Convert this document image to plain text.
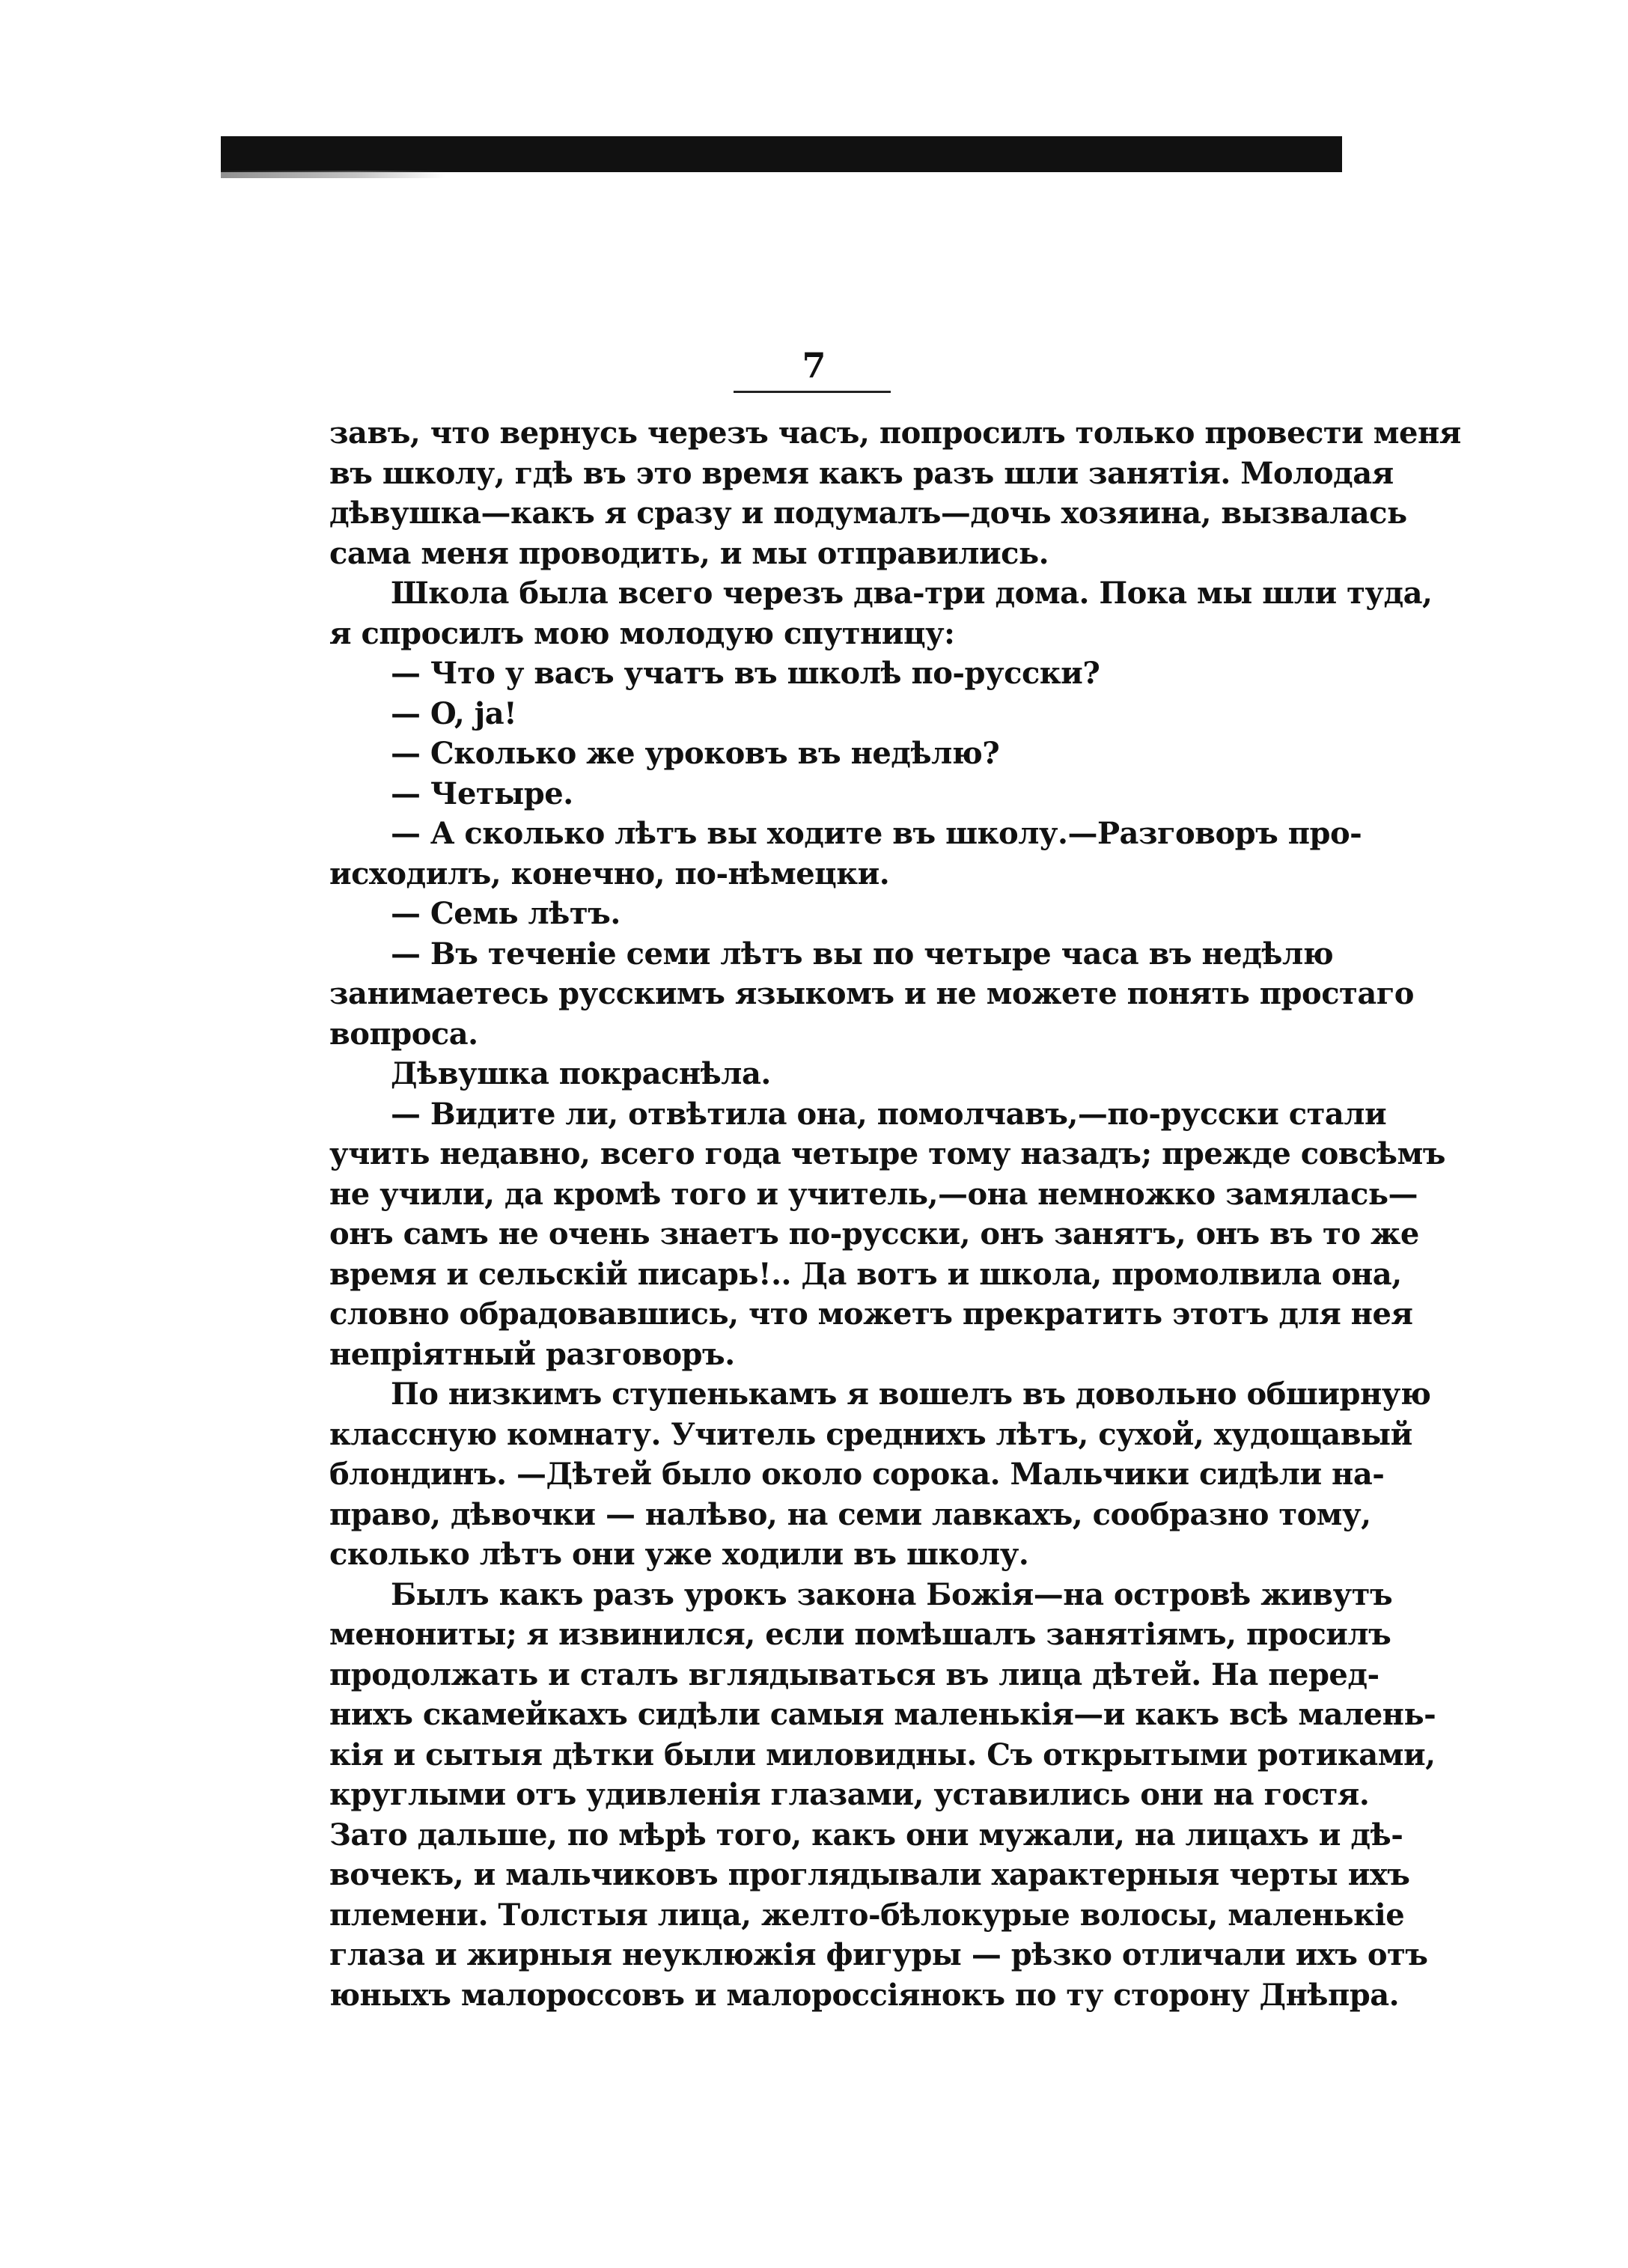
7
завъ, что вернусь черезъ часъ, попросилъ только провести меня
въ школу, гдѣ въ это время какъ разъ шли занятія. Молодая
дѣвушка—какъ я сразу и подумалъ—дочь хозяина, вызвалась
сама меня проводить, и мы отправились.
Школа была всего черезъ два-три дома. Пока мы шли туда,
я спросилъ мою молодую спутницу:
— Что у васъ учатъ въ школѣ по-русски?
— O, ja!
— Сколько же уроковъ въ недѣлю?
— Четыре.
— А сколько лѣтъ вы ходите въ школу.—Разговоръ про-
исходилъ, конечно, по-нѣмецки.
— Семь лѣтъ.
— Въ теченіе семи лѣтъ вы по четыре часа въ недѣлю
занимаетесь русскимъ языкомъ и не можете понять простаго
вопроса.
Дѣвушка покраснѣла.
— Видите ли, отвѣтила она, помолчавъ,—по-русски стали
учить недавно, всего года четыре тому назадъ; прежде совсѣмъ
не учили, да кромѣ того и учитель,—она немножко замялась—
онъ самъ не очень знаетъ по-русски, онъ занятъ, онъ въ то же
время и сельскій писарь!.. Да вотъ и школа, промолвила она,
словно обрадовавшись, что можетъ прекратить этотъ для нея
непріятный разговоръ.
По низкимъ ступенькамъ я вошелъ въ довольно обширную
классную комнату. Учитель среднихъ лѣтъ, сухой, худощавый
блондинъ. —Дѣтей было около сорока. Мальчики сидѣли на-
право, дѣвочки — налѣво, на семи лавкахъ, сообразно тому,
сколько лѣтъ они уже ходили въ школу.
Былъ какъ разъ урокъ закона Божія—на островѣ живутъ
менониты; я извинился, если помѣшалъ занятіямъ, просилъ
продолжать и сталъ вглядываться въ лица дѣтей. На перед-
нихъ скамейкахъ сидѣли самыя маленькія—и какъ всѣ малень-
кія и сытыя дѣтки были миловидны. Съ открытыми ротиками,
круглыми отъ удивленія глазами, уставились они на гостя.
Зато дальше, по мѣрѣ того, какъ они мужали, на лицахъ и дѣ-
вочекъ, и мальчиковъ проглядывали характерныя черты ихъ
племени. Толстыя лица, желто-бѣлокурые волосы, маленькіе
глаза и жирныя неуклюжія фигуры — рѣзко отличали ихъ отъ
юныхъ малороссовъ и малороссіянокъ по ту сторону Днѣпра.
